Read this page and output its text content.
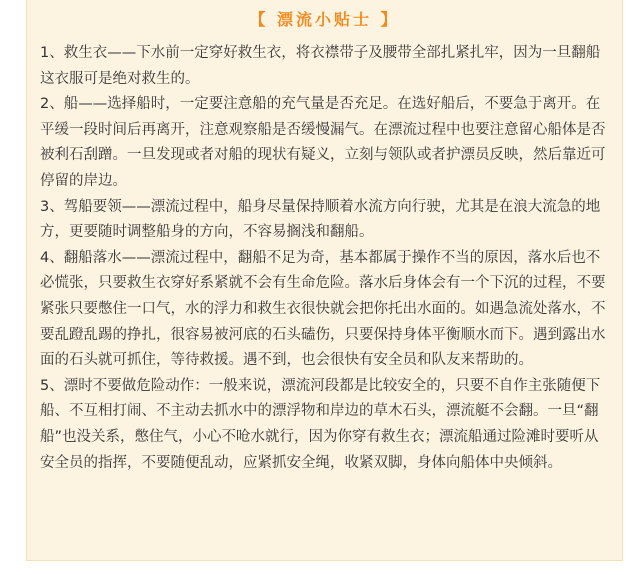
【 漂流小贴士 】

1、救生衣——下水前一定穿好救生衣，将衣襟带子及腰带全部扎紧扎牢，因为一旦翻船这衣服可是绝对救生的。

2、船——选择船时，一定要注意船的充气量是否充足。在选好船后，不要急于离开。在平缓一段时间后再离开，注意观察船是否缓慢漏气。在漂流过程中也要注意留心船体是否被利石刮蹭。一旦发现或者对船的现状有疑义，立刻与领队或者护漂员反映，然后靠近可停留的岸边。

3、驾船要领——漂流过程中，船身尽量保持顺着水流方向行驶，尤其是在浪大流急的地方，更要随时调整船身的方向，不容易搁浅和翻船。

4、翻船落水——漂流过程中，翻船不足为奇，基本都属于操作不当的原因，落水后也不必慌张，只要救生衣穿好系紧就不会有生命危险。落水后身体会有一个下沉的过程，不要紧张只要憋住一口气，水的浮力和救生衣很快就会把你托出水面的。如遇急流处落水，不要乱蹬乱踢的挣扎，很容易被河底的石头磕伤，只要保持身体平衡顺水而下。遇到露出水面的石头就可抓住，等待救援。遇不到，也会很快有安全员和队友来帮助的。

5、漂时不要做危险动作：一般来说，漂流河段都是比较安全的，只要不自作主张随便下船、不互相打闹、不主动去抓水中的漂浮物和岸边的草木石头，漂流艇不会翻。一旦“翻船”也没关系，憋住气，小心不呛水就行，因为你穿有救生衣；漂流船通过险滩时要听从安全员的指挥，不要随便乱动，应紧抓安全绳，收紧双脚，身体向船体中央倾斜。
